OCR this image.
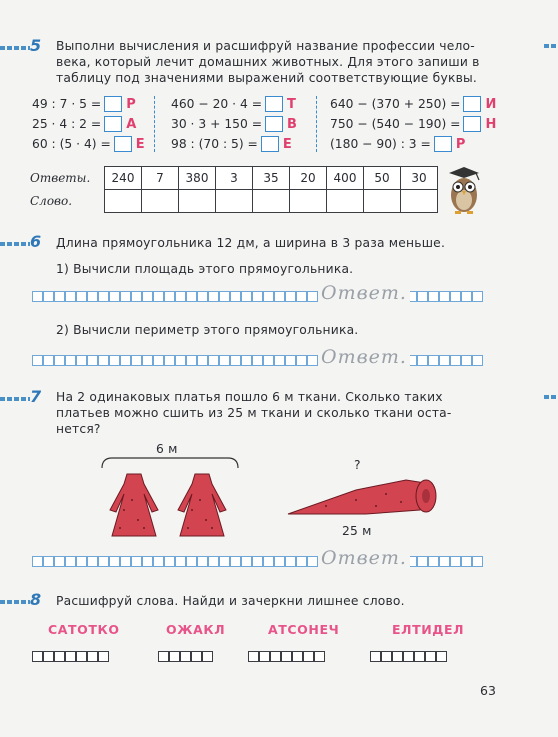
5 Выполни вычисления и расшифруй название профессии чело-
века, который лечит домашних животных. Для этого запиши в
таблицу под значениями выражений соответствующие буквы.
49 : 7 · 5 = Р
25 · 4 : 2 = А
60 : (5 · 4) = Е
460 − 20 · 4 = Т
30 · 3 + 150 = В
98 : (70 : 5) = Е
640 − (370 + 250) = И
750 − (540 − 190) = Н
(180 − 90) : 3 = Р
Ответы.	240	7	380	3	35	20	400	50	30
Слово.									
6 Длина прямоугольника 12 дм, а ширина в 3 раза меньше.
1) Вычисли площадь этого прямоугольника.
Ответ.
2) Вычисли периметр этого прямоугольника.
Ответ.
7 На 2 одинаковых платья пошло 6 м ткани. Сколько таких
платьев можно сшить из 25 м ткани и сколько ткани оста-
нется?
6 м
?
25 м
Ответ.
8 Расшифруй слова. Найди и зачеркни лишнее слово.
САТОТКО	ОЖАКЛ	АТСОНЕЧ	ЕЛТИДЕЛ
63
